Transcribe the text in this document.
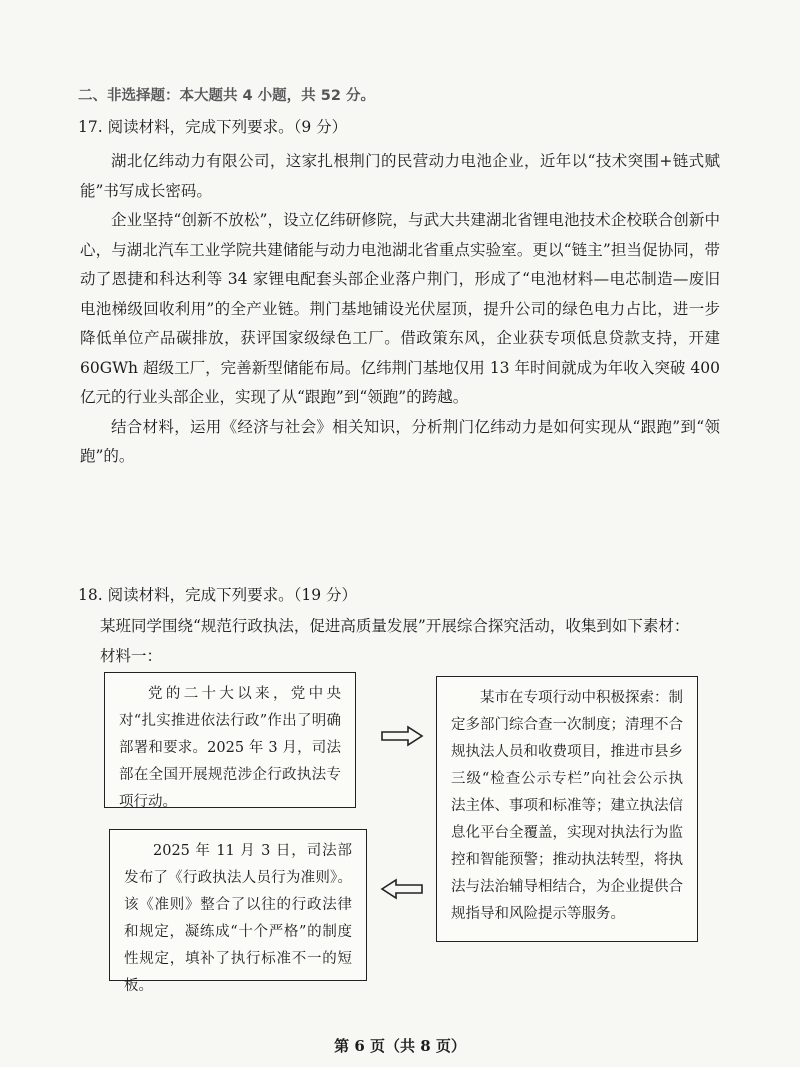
二、非选择题：本大题共 4 小题，共 52 分。
17. 阅读材料，完成下列要求。（9 分）

湖北亿纬动力有限公司，这家扎根荆门的民营动力电池企业，近年以“技术突围+链式赋能”书写成长密码。

企业坚持“创新不放松”，设立亿纬研修院，与武大共建湖北省锂电池技术企校联合创新中心，与湖北汽车工业学院共建储能与动力电池湖北省重点实验室。更以“链主”担当促协同，带动了恩捷和科达利等 34 家锂电配套头部企业落户荆门，形成了“电池材料—电芯制造—废旧电池梯级回收利用”的全产业链。荆门基地铺设光伏屋顶，提升公司的绿色电力占比，进一步降低单位产品碳排放，获评国家级绿色工厂。借政策东风，企业获专项低息贷款支持，开建 60GWh 超级工厂，完善新型储能布局。亿纬荆门基地仅用 13 年时间就成为年收入突破 400 亿元的行业头部企业，实现了从“跟跑”到“领跑”的跨越。

结合材料，运用《经济与社会》相关知识，分析荆门亿纬动力是如何实现从“跟跑”到“领跑”的。

18. 阅读材料，完成下列要求。（19 分）
某班同学围绕“规范行政执法，促进高质量发展”开展综合探究活动，收集到如下素材：
材料一：
党的二十大以来，党中央对“扎实推进依法行政”作出了明确部署和要求。2025 年 3 月，司法部在全国开展规范涉企行政执法专项行动。
某市在专项行动中积极探索：制定多部门综合查一次制度；清理不合规执法人员和收费项目，推进市县乡三级“检查公示专栏”向社会公示执法主体、事项和标准等；建立执法信息化平台全覆盖，实现对执法行为监控和智能预警；推动执法转型，将执法与法治辅导相结合，为企业提供合规指导和风险提示等服务。
2025 年 11 月 3 日，司法部发布了《行政执法人员行为准则》。该《准则》整合了以往的行政法律和规定，凝练成“十个严格”的制度性规定，填补了执行标准不一的短板。
第 6 页（共 8 页）
